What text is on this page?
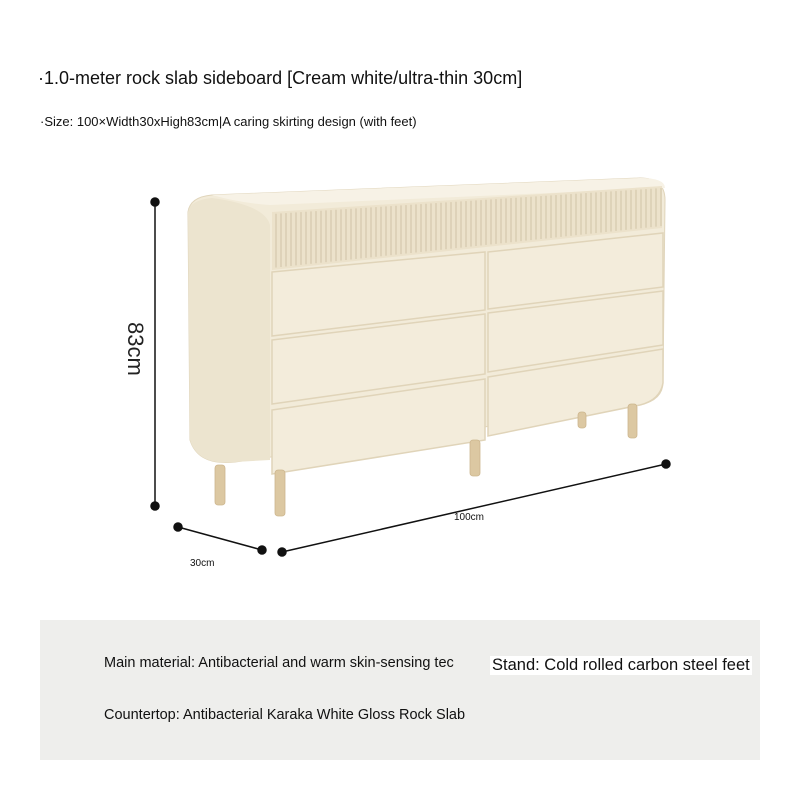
·1.0-meter rock slab sideboard [Cream white/ultra-thin 30cm]
·Size: 100×Width30xHigh83cm|A caring skirting design (with feet)
83cm
100cm
30cm
Main material: Antibacterial and warm skin-sensing tec	Stand: Cold rolled carbon steel feet
Countertop: Antibacterial Karaka White Gloss Rock Slab
